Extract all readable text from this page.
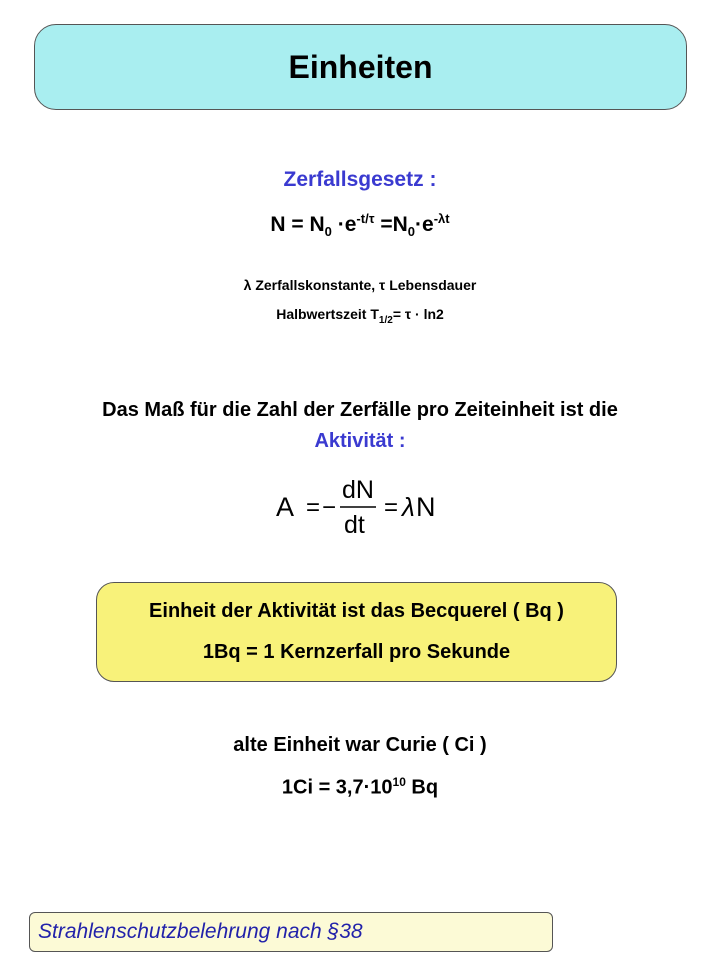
Einheiten
Zerfallsgesetz :
$N = N_0 \cdot e^{-t/\tau} =N_0\cdot e^{-\lambda t}$
λ Zerfallskonstante, τ Lebensdauer
Halbwertszeit $T_{1/2}= \tau \cdot \ln 2$
Das Maß für die Zahl der Zerfälle pro Zeiteinheit ist die
Aktivität :
A = −
dN
dt
= λ N
Einheit der Aktivität ist das Becquerel ( Bq )
1Bq = 1 Kernzerfall pro Sekunde
alte Einheit war Curie ( Ci )
$1Ci = 3,7\cdot 10^{10}$ Bq
Strahlenschutzbelehrung nach §38
